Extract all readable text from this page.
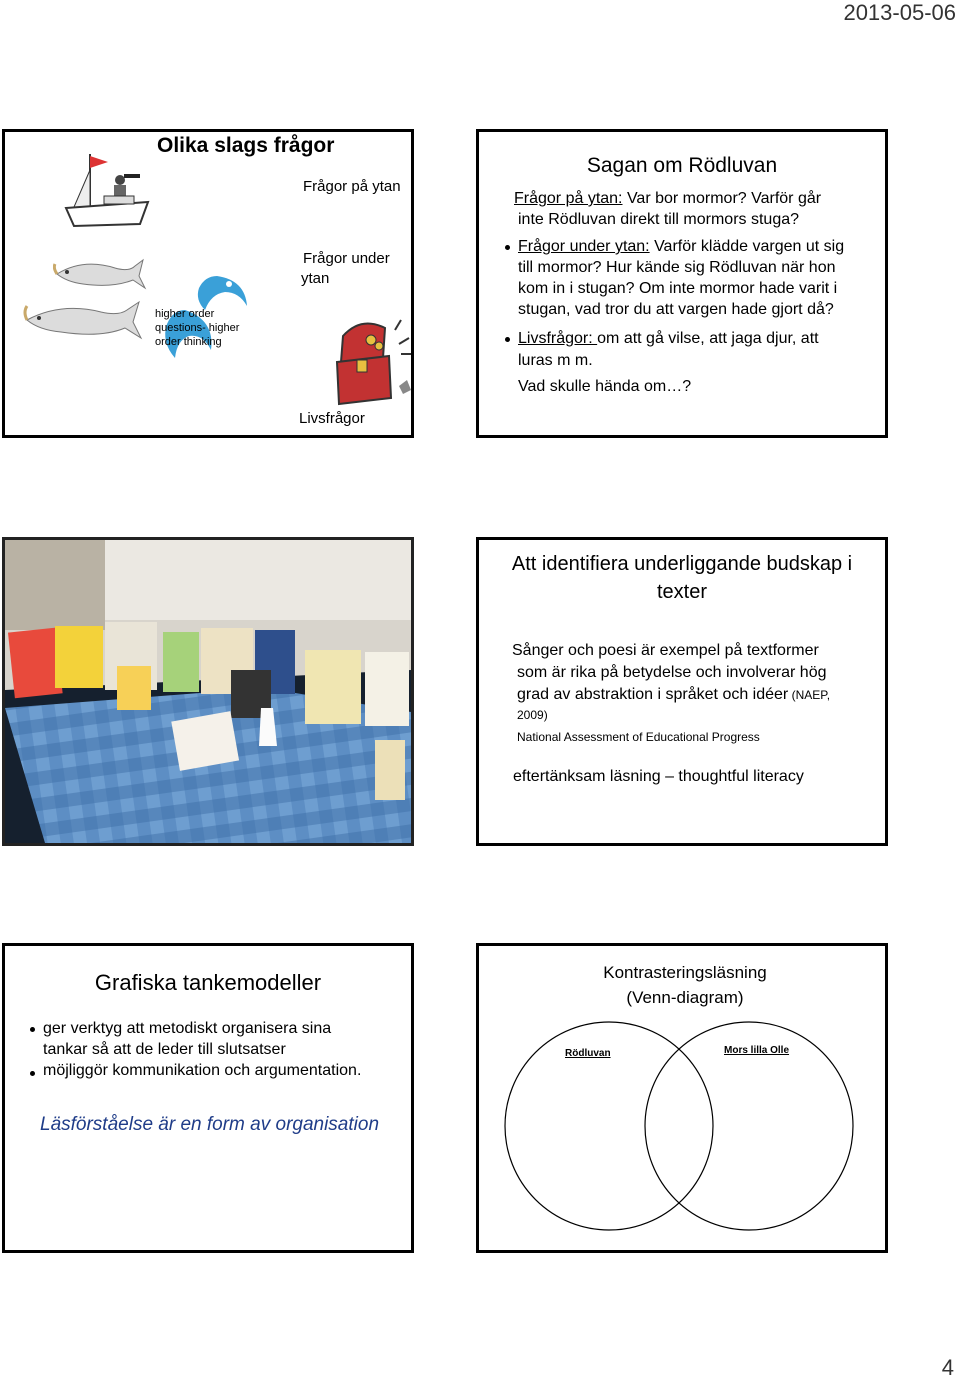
2013-05-06
Olika slags frågor
higher order
questions- higher
order thinking
Frågor på ytan
Frågor under
ytan
Livsfrågor
Sagan om Rödluvan
Frågor på ytan: Var bor mormor? Varför går
inte Rödluvan direkt till mormors stuga?
Frågor under ytan: Varför klädde vargen ut sig
till mormor? Hur kände sig Rödluvan när hon
kom in i stugan? Om inte mormor hade varit i
stugan, vad tror du att vargen hade gjort då?
Livsfrågor: om att gå vilse, att jaga djur, att
luras m m.
Vad skulle hända om…?
Att identifiera underliggande budskap i
texter
Sånger och poesi är exempel på textformer
som är rika på betydelse och involverar hög
grad av abstraktion i språket och idéer (NAEP,
2009)
National Assessment of Educational Progress
eftertänksam läsning – thoughtful literacy
Grafiska tankemodeller
ger verktyg att metodiskt organisera sina
tankar så att de leder till slutsatser
möjliggör kommunikation och argumentation.
Läsförståelse är en form av organisation
Kontrasteringsläsning
(Venn-diagram)
Rödluvan	Mors lilla Olle
4
